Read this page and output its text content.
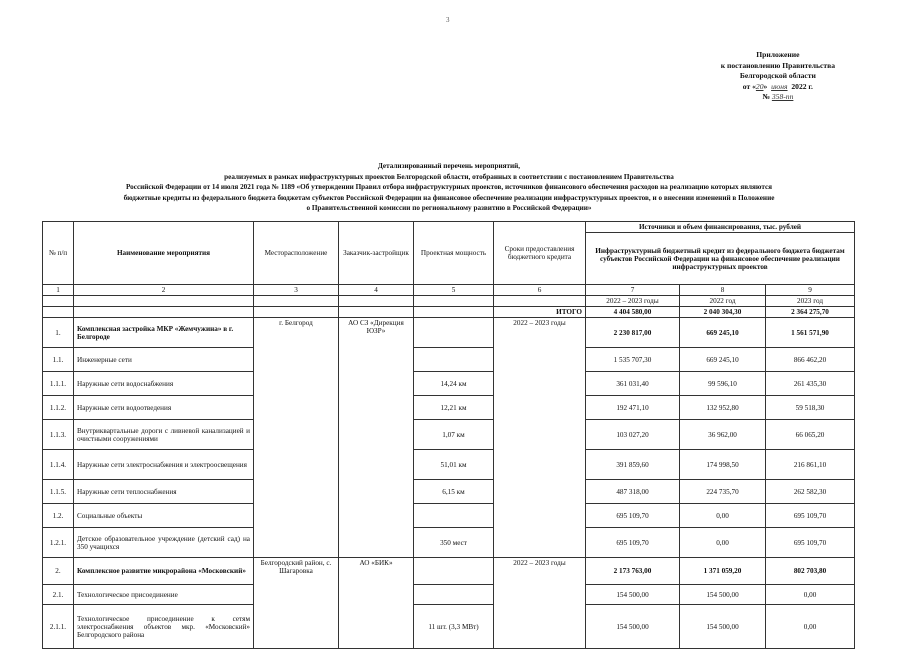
3
Приложение
к постановлению Правительства
Белгородской области
от «20» июня 2022 г.
№ 358-пп
Детализированный перечень мероприятий,
реализуемых в рамках инфраструктурных проектов Белгородской области, отобранных в соответствии с постановлением Правительства
Российской Федерации от 14 июля 2021 года № 1189 «Об утверждении Правил отбора инфраструктурных проектов, источников финансового обеспечения расходов на реализацию которых являются
бюджетные кредиты из федерального бюджета бюджетам субъектов Российской Федерации на финансовое обеспечение реализации инфраструктурных проектов, и о внесении изменений в Положение
о Правительственной комиссии по региональному развитию в Российской Федерации»
№ п/п	Наименование мероприятия	Месторасположение	Заказчик-застройщик	Проектная мощность	Сроки предоставления бюджетного кредита	Источники и объем финансирования, тыс. рублей		
						Инфраструктурный бюджетный кредит из федерального бюджета бюджетам субъектов Российской Федерации на финансовое обеспечение реализации инфраструктурных проектов		
1	2	3	4	5	6	7	8	9
						2022 – 2023 годы	2022 год	2023 год
					ИТОГО	4 404 580,00	2 040 304,30	2 364 275,70
1.	Комплексная застройка МКР «Жемчужина» в г. Белгороде	г. Белгород	АО СЗ «Дирекция ЮЗР»		2022 – 2023 годы	2 230 817,00	669 245,10	1 561 571,90
1.1.	Инженерные сети					1 535 707,30	669 245,10	866 462,20
1.1.1.	Наружные сети водоснабжения			14,24 км		361 031,40	99 596,10	261 435,30
1.1.2.	Наружные сети водоотведения			12,21 км		192 471,10	132 952,80	59 518,30
1.1.3.	Внутриквартальные дороги с ливневой канализацией и очистными сооружениями			1,07 км		103 027,20	36 962,00	66 065,20
1.1.4.	Наружные сети электроснабжения и электроосвещения			51,01 км		391 859,60	174 998,50	216 861,10
1.1.5.	Наружные сети теплоснабжения			6,15 км		487 318,00	224 735,70	262 582,30
1.2.	Социальные объекты					695 109,70	0,00	695 109,70
1.2.1.	Детское образовательное учреждение (детский сад) на 350 учащихся			350 мест		695 109,70	0,00	695 109,70
2.	Комплексное развитие микрорайона «Московский»	Белгородский район, с. Шагаровка	АО «БИК»		2022 – 2023 годы	2 173 763,00	1 371 059,20	802 703,80
2.1.	Технологическое присоединение					154 500,00	154 500,00	0,00
2.1.1.	Технологическое присоединение к сетям электроснабжения объектов мкр. «Московский» Белгородского района			11 шт. (3,3 МВт)		154 500,00	154 500,00	0,00
